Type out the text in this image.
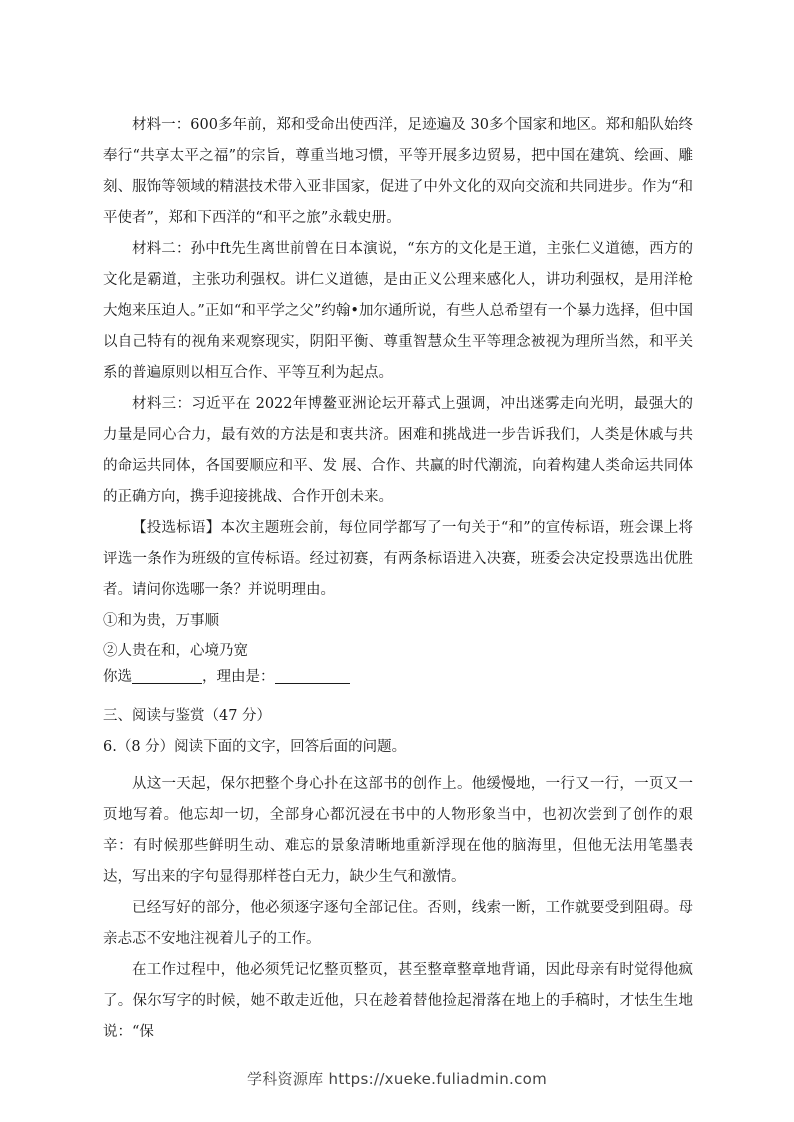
材料一：600多年前，郑和受命出使西洋，足迹遍及 30多个国家和地区。郑和船队始终奉行“共享太平之福”的宗旨，尊重当地习惯，平等开展多边贸易，把中国在建筑、绘画、雕刻、服饰等领域的精湛技术带入亚非国家，促进了中外文化的双向交流和共同进步。作为“和平使者”，郑和下西洋的“和平之旅”永载史册。

材料二：孙中ft先生离世前曾在日本演说，“东方的文化是王道，主张仁义道德，西方的文化是霸道，主张功利强权。讲仁义道德，是由正义公理来感化人，讲功利强权，是用洋枪大炮来压迫人。”正如“和平学之父”约翰•加尔通所说，有些人总希望有一个暴力选择，但中国以自己特有的视角来观察现实，阴阳平衡、尊重智慧众生平等理念被视为理所当然，和平关系的普遍原则以相互合作、平等互利为起点。

材料三：习近平在 2022年博鳌亚洲论坛开幕式上强调，冲出迷雾走向光明，最强大的力量是同心合力，最有效的方法是和衷共济。困难和挑战进一步告诉我们，人类是休戚与共的命运共同体，各国要顺应和平、发 展、合作、共赢的时代潮流，向着构建人类命运共同体的正确方向，携手迎接挑战、合作开创未来。

【投选标语】本次主题班会前，每位同学都写了一句关于“和”的宣传标语，班会课上将评选一条作为班级的宣传标语。经过初赛，有两条标语进入决赛，班委会决定投票选出优胜者。请问你选哪一条？并说明理由。

①和为贵，万事顺
②人贵在和，心境乃宽
你选	，理由是：
三、阅读与鉴赏（47 分）
6.（8 分）阅读下面的文字，回答后面的问题。

从这一天起，保尔把整个身心扑在这部书的创作上。他缓慢地，一行又一行，一页又一页地写着。他忘却一切，全部身心都沉浸在书中的人物形象当中，也初次尝到了创作的艰辛：有时候那些鲜明生动、难忘的景象清晰地重新浮现在他的脑海里，但他无法用笔墨表达，写出来的字句显得那样苍白无力，缺少生气和激情。

已经写好的部分，他必须逐字逐句全部记住。否则，线索一断，工作就要受到阻碍。母亲忐忑不安地注视着儿子的工作。

在工作过程中，他必须凭记忆整页整页，甚至整章整章地背诵，因此母亲有时觉得他疯了。保尔写字的时候，她不敢走近他，只在趁着替他捡起滑落在地上的手稿时，才怯生生地说：“保

学科资源库 https://xueke.fuliadmin.com
